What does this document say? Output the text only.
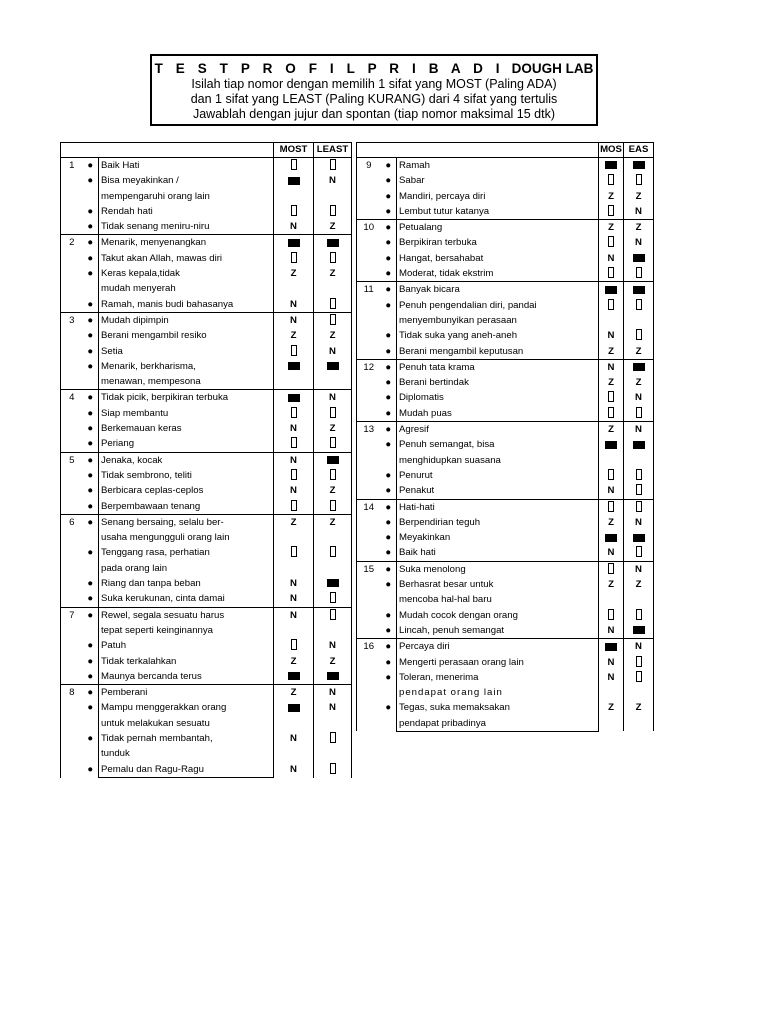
T E S T P R O F I L P R I B A D I DOUGH LAB
Isilah tiap nomor dengan memilih 1 sifat yang MOST (Paling ADA)
dan 1 sifat yang LEAST (Paling KURANG) dari 4 sifat yang tertulis
Jawablah dengan jujur dan spontan (tiap nomor maksimal 15 dtk)
			MOST	LEAST
1	●	Baik Hati		
	●	Bisa meyakinkan /		N
		mempengaruhi orang lain		
	●	Rendah hati		
	●	Tidak senang meniru-niru	N	Z
2	●	Menarik, menyenangkan		
	●	Takut akan Allah, mawas diri		
	●	Keras kepala,tidak	Z	Z
		mudah menyerah		
	●	Ramah, manis budi bahasanya	N	
3	●	Mudah dipimpin	N	
	●	Berani mengambil resiko	Z	Z

	●	Setia		N
	●	Menarik, berkharisma,		
		menawan, mempesona		
4	●	Tidak picik, berpikiran terbuka		N
	●	Siap membantu		
	●	Berkemauan keras	N	Z
	●	Periang		
5	●	Jenaka, kocak	N	
	●	Tidak sembrono, teliti		

	●	Berbicara ceplas-ceplos	N	Z
	●	Berpembawaan tenang		
6	●	Senang bersaing, selalu ber-	Z	Z
		usaha mengungguli orang lain		
	●	Tenggang rasa, perhatian		
		pada orang lain		
	●	Riang dan tanpa beban	N	
	●	Suka kerukunan, cinta damai	N	
7	●	Rewel, segala sesuatu harus	N	
		tepat seperti keinginannya		
	●	Patuh		N

	●	Tidak terkalahkan	Z	Z
	●	Maunya bercanda terus		
8	●	Pemberani	Z	N
	●	Mampu menggerakkan orang		N
		untuk melakukan sesuatu		
	●	Tidak pernah membantah,	N	
		tunduk		
	●	Pemalu dan Ragu-Ragu	N	

			MOS	EAS
9	●	Ramah		
	●	Sabar		

	●	Mandiri, percaya diri	Z	Z
	●	Lembut tutur katanya		N
10	●	Petualang	Z	Z
	●	Berpikiran terbuka		N
	●	Hangat, bersahabat	N	

	●	Moderat, tidak ekstrim		
11	●	Banyak bicara		
	●	Penuh pengendalian diri, pandai		
		menyembunyikan perasaan		
	●	Tidak suka yang aneh-aneh	N	
	●	Berani mengambil keputusan	Z	Z

12	●	Penuh tata krama	N	
	●	Berani bertindak	Z	Z
	●	Diplomatis		N
	●	Mudah puas		
13	●	Agresif	Z	N
	●	Penuh semangat, bisa		
		menghidupkan suasana		
	●	Penurut		
	●	Penakut	N	
14	●	Hati-hati		

	●	Berpendirian teguh	Z	N

	●	Meyakinkan		
	●	Baik hati	N	
15	●	Suka menolong		N

	●	Berhasrat besar untuk	Z	Z
		mencoba hal-hal baru		
	●	Mudah cocok dengan orang		
	●	Lincah, penuh semangat	N	
16	●	Percaya diri		N
	●	Mengerti perasaan orang lain	N	

	●	Toleran, menerima	N	
		pendapat orang lain		
	●	Tegas, suka memaksakan	Z	Z
		pendapat pribadinya		
